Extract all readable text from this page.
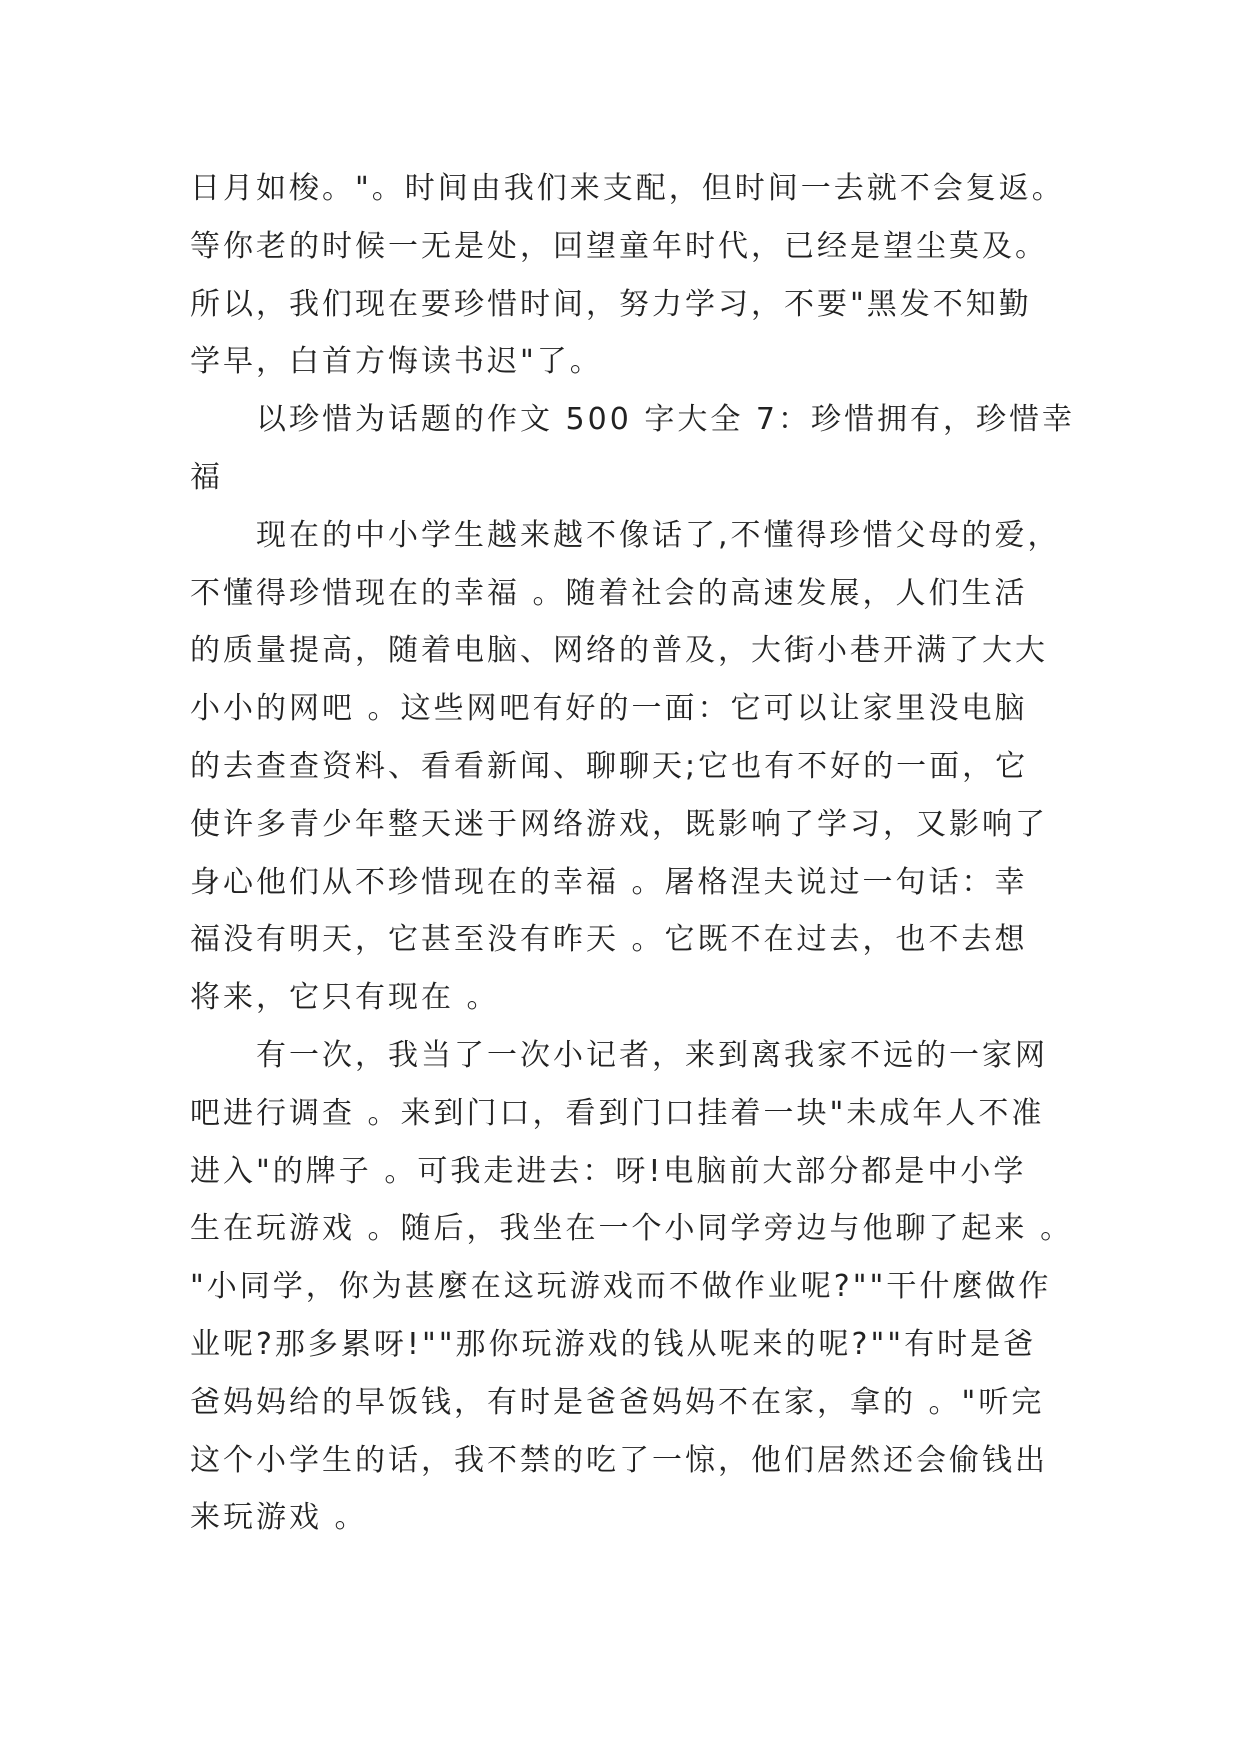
日月如梭。"。时间由我们来支配，但时间一去就不会复返。
等你老的时候一无是处，回望童年时代，已经是望尘莫及。
所以，我们现在要珍惜时间，努力学习，不要"黑发不知勤
学早，白首方悔读书迟"了。
　　以珍惜为话题的作文 500 字大全 7：珍惜拥有，珍惜幸
福
　　现在的中小学生越来越不像话了,不懂得珍惜父母的爱，
不懂得珍惜现在的幸福 。随着社会的高速发展，人们生活
的质量提高，随着电脑、网络的普及，大街小巷开满了大大
小小的网吧 。这些网吧有好的一面：它可以让家里没电脑
的去查查资料、看看新闻、聊聊天;它也有不好的一面，它
使许多青少年整天迷于网络游戏，既影响了学习，又影响了
身心他们从不珍惜现在的幸福 。屠格涅夫说过一句话：幸
福没有明天，它甚至没有昨天 。它既不在过去，也不去想
将来，它只有现在 。
　　有一次，我当了一次小记者，来到离我家不远的一家网
吧进行调查 。来到门口，看到门口挂着一块"未成年人不准
进入"的牌子 。可我走进去：呀!电脑前大部分都是中小学
生在玩游戏 。随后，我坐在一个小同学旁边与他聊了起来 。
"小同学，你为甚麼在这玩游戏而不做作业呢?""干什麼做作
业呢?那多累呀!""那你玩游戏的钱从呢来的呢?""有时是爸
爸妈妈给的早饭钱，有时是爸爸妈妈不在家，拿的 。"听完
这个小学生的话，我不禁的吃了一惊，他们居然还会偷钱出
来玩游戏 。
